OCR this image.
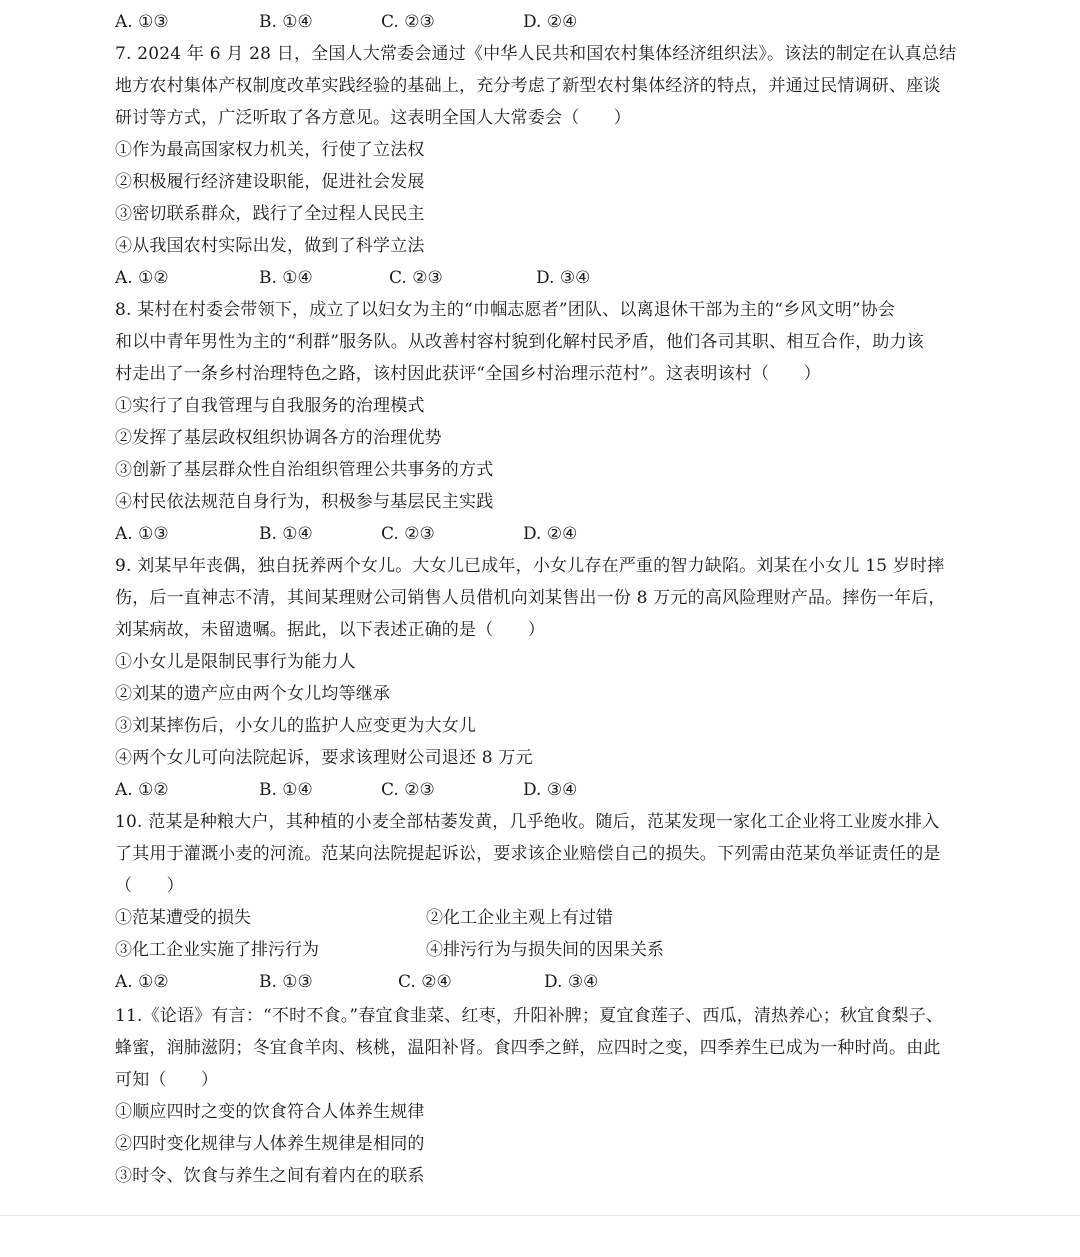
A. ①③	B. ①④	C. ②③	D. ②④
7. 2024 年 6 月 28 日，全国人大常委会通过《中华人民共和国农村集体经济组织法》。该法的制定在认真总结
地方农村集体产权制度改革实践经验的基础上，充分考虑了新型农村集体经济的特点，并通过民情调研、座谈
研讨等方式，广泛听取了各方意见。这表明全国人大常委会（　　）
①作为最高国家权力机关，行使了立法权
②积极履行经济建设职能，促进社会发展
③密切联系群众，践行了全过程人民民主
④从我国农村实际出发，做到了科学立法
A. ①②	B. ①④	C. ②③	D. ③④
8. 某村在村委会带领下，成立了以妇女为主的“巾帼志愿者”团队、以离退休干部为主的“乡风文明”协会
和以中青年男性为主的“利群”服务队。从改善村容村貌到化解村民矛盾，他们各司其职、相互合作，助力该
村走出了一条乡村治理特色之路，该村因此获评“全国乡村治理示范村”。这表明该村（　　）
①实行了自我管理与自我服务的治理模式
②发挥了基层政权组织协调各方的治理优势
③创新了基层群众性自治组织管理公共事务的方式
④村民依法规范自身行为，积极参与基层民主实践
A. ①③	B. ①④	C. ②③	D. ②④
9. 刘某早年丧偶，独自抚养两个女儿。大女儿已成年，小女儿存在严重的智力缺陷。刘某在小女儿 15 岁时摔
伤，后一直神志不清，其间某理财公司销售人员借机向刘某售出一份 8 万元的高风险理财产品。摔伤一年后，
刘某病故，未留遗嘱。据此，以下表述正确的是（　　）
①小女儿是限制民事行为能力人
②刘某的遗产应由两个女儿均等继承
③刘某摔伤后，小女儿的监护人应变更为大女儿
④两个女儿可向法院起诉，要求该理财公司退还 8 万元
A. ①②	B. ①④	C. ②③	D. ③④
10. 范某是种粮大户，其种植的小麦全部枯萎发黄，几乎绝收。随后，范某发现一家化工企业将工业废水排入
了其用于灌溉小麦的河流。范某向法院提起诉讼，要求该企业赔偿自己的损失。下列需由范某负举证责任的是
（　　）
①范某遭受的损失	②化工企业主观上有过错
③化工企业实施了排污行为	④排污行为与损失间的因果关系
A. ①②	B. ①③	C. ②④	D. ③④
11.《论语》有言：“不时不食。”春宜食韭菜、红枣，升阳补脾；夏宜食莲子、西瓜，清热养心；秋宜食梨子、
蜂蜜，润肺滋阴；冬宜食羊肉、核桃，温阳补肾。食四季之鲜，应四时之变，四季养生已成为一种时尚。由此
可知（　　）
①顺应四时之变的饮食符合人体养生规律
②四时变化规律与人体养生规律是相同的
③时令、饮食与养生之间有着内在的联系
